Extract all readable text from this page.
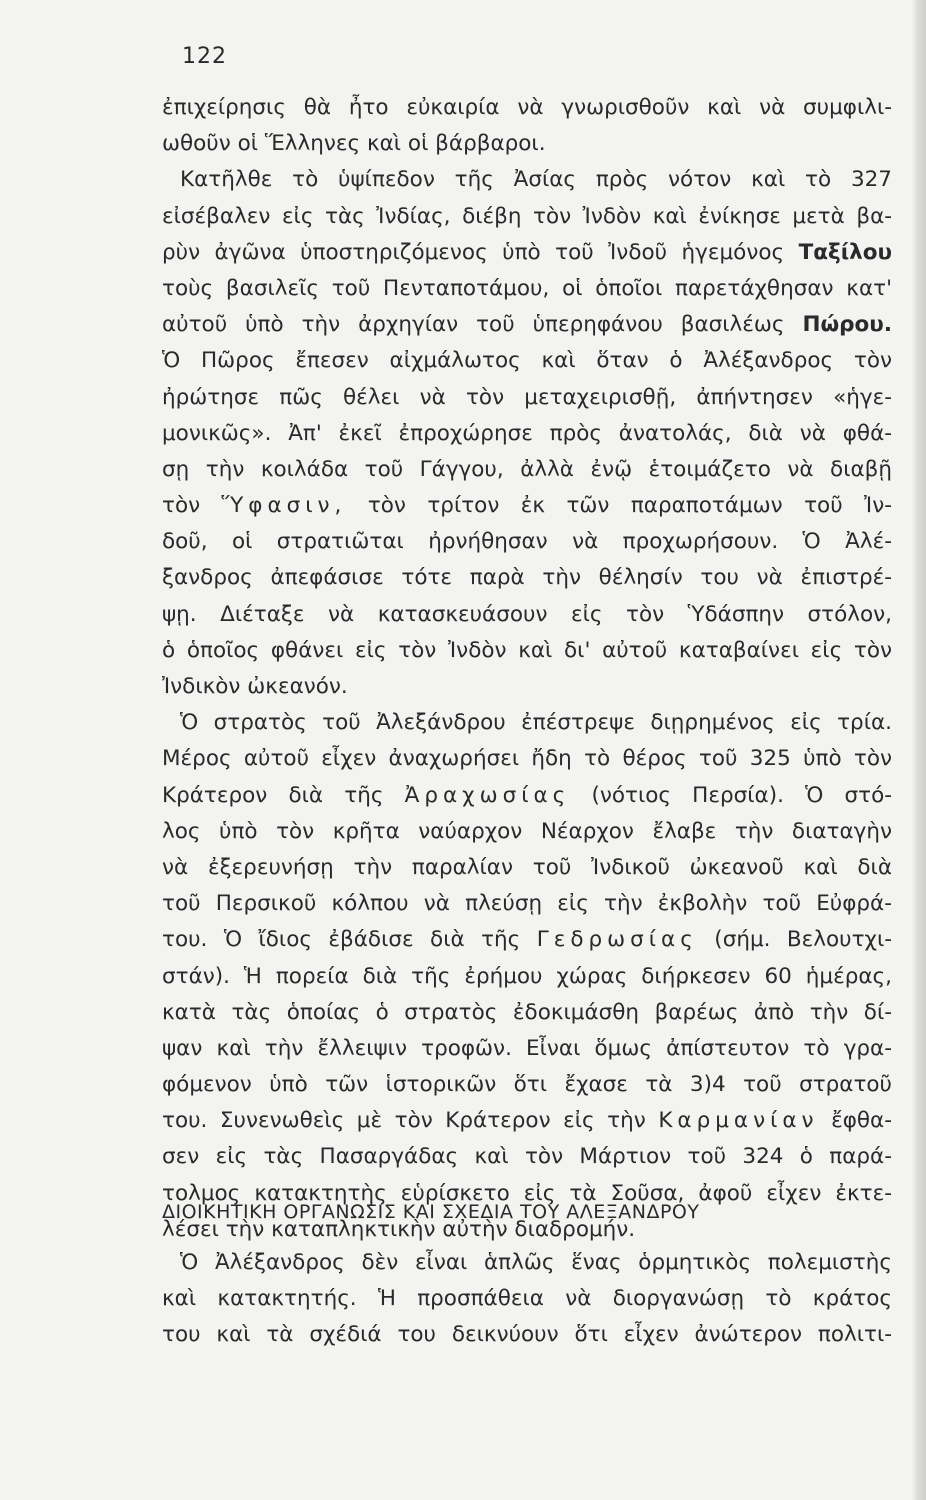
122
ἐπιχείρησις θὰ ἦτο εὐκαιρία νὰ γνωρισθοῦν καὶ νὰ συμφιλι-
ωθοῦν οἱ Ἕλληνες καὶ οἱ βάρβαροι.
Κατῆλθε τὸ ὑψίπεδον τῆς Ἀσίας πρὸς νότον καὶ τὸ 327
εἰσέβαλεν εἰς τὰς Ἰνδίας, διέβη τὸν Ἰνδὸν καὶ ἐνίκησε μετὰ βα-
ρὺν ἀγῶνα ὑποστηριζόμενος ὑπὸ τοῦ Ἰνδοῦ ἡγεμόνος Ταξίλου
τοὺς βασιλεῖς τοῦ Πενταποτάμου, οἱ ὁποῖοι παρετάχθησαν κατ'
αὐτοῦ ὑπὸ τὴν ἀρχηγίαν τοῦ ὑπερηφάνου βασιλέως Πώρου.
Ὁ Πῶρος ἔπεσεν αἰχμάλωτος καὶ ὅταν ὁ Ἀλέξανδρος τὸν
ἠρώτησε πῶς θέλει νὰ τὸν μεταχειρισθῇ, ἀπήντησεν «ἡγε-
μονικῶς». Ἀπ' ἐκεῖ ἐπροχώρησε πρὸς ἀνατολάς, διὰ νὰ φθά-
σῃ τὴν κοιλάδα τοῦ Γάγγου, ἀλλὰ ἐνῷ ἑτοιμάζετο νὰ διαβῇ
τὸν Ὕφασιν, τὸν τρίτον ἐκ τῶν παραποτάμων τοῦ Ἰν-
δοῦ, οἱ στρατιῶται ἠρνήθησαν νὰ προχωρήσουν. Ὁ Ἀλέ-
ξανδρος ἀπεφάσισε τότε παρὰ τὴν θέλησίν του νὰ ἐπιστρέ-
ψῃ. Διέταξε νὰ κατασκευάσουν εἰς τὸν Ὑδάσπην στόλον,
ὁ ὁποῖος φθάνει εἰς τὸν Ἰνδὸν καὶ δι' αὐτοῦ καταβαίνει εἰς τὸν
Ἰνδικὸν ὠκεανόν.
Ὁ στρατὸς τοῦ Ἀλεξάνδρου ἐπέστρεψε διῃρημένος εἰς τρία.
Μέρος αὐτοῦ εἶχεν ἀναχωρήσει ἤδη τὸ θέρος τοῦ 325 ὑπὸ τὸν
Κράτερον διὰ τῆς Ἀραχωσίας (νότιος Περσία). Ὁ στό-
λος ὑπὸ τὸν κρῆτα ναύαρχον Νέαρχον ἔλαβε τὴν διαταγὴν
νὰ ἐξερευνήσῃ τὴν παραλίαν τοῦ Ἰνδικοῦ ὠκεανοῦ καὶ διὰ
τοῦ Περσικοῦ κόλπου νὰ πλεύσῃ εἰς τὴν ἐκβολὴν τοῦ Εὐφρά-
του. Ὁ ἴδιος ἐβάδισε διὰ τῆς Γεδρωσίας (σήμ. Βελουτχι-
στάν). Ἡ πορεία διὰ τῆς ἐρήμου χώρας διήρκεσεν 60 ἡμέρας,
κατὰ τὰς ὁποίας ὁ στρατὸς ἐδοκιμάσθη βαρέως ἀπὸ τὴν δί-
ψαν καὶ τὴν ἔλλειψιν τροφῶν. Εἶναι ὅμως ἀπίστευτον τὸ γρα-
φόμενον ὑπὸ τῶν ἱστορικῶν ὅτι ἔχασε τὰ 3)4 τοῦ στρατοῦ
του. Συνενωθεὶς μὲ τὸν Κράτερον εἰς τὴν Καρμανίαν ἔφθα-
σεν εἰς τὰς Πασαργάδας καὶ τὸν Μάρτιον τοῦ 324 ὁ παρά-
τολμος κατακτητὴς εὑρίσκετο εἰς τὰ Σοῦσα, ἀφοῦ εἶχεν ἐκτε-
λέσει τὴν καταπληκτικὴν αὐτὴν διαδρομήν.
ΔΙΟΙΚΗΤΙΚΗ ΟΡΓΑΝΩΣΙΣ ΚΑΙ ΣΧΕΔΙΑ ΤΟΥ ΑΛΕΞΑΝΔΡΟΥ
Ὁ Ἀλέξανδρος δὲν εἶναι ἁπλῶς ἕνας ὁρμητικὸς πολεμιστὴς
καὶ κατακτητής. Ἡ προσπάθεια νὰ διοργανώσῃ τὸ κράτος
του καὶ τὰ σχέδιά του δεικνύουν ὅτι εἶχεν ἀνώτερον πολιτι-
